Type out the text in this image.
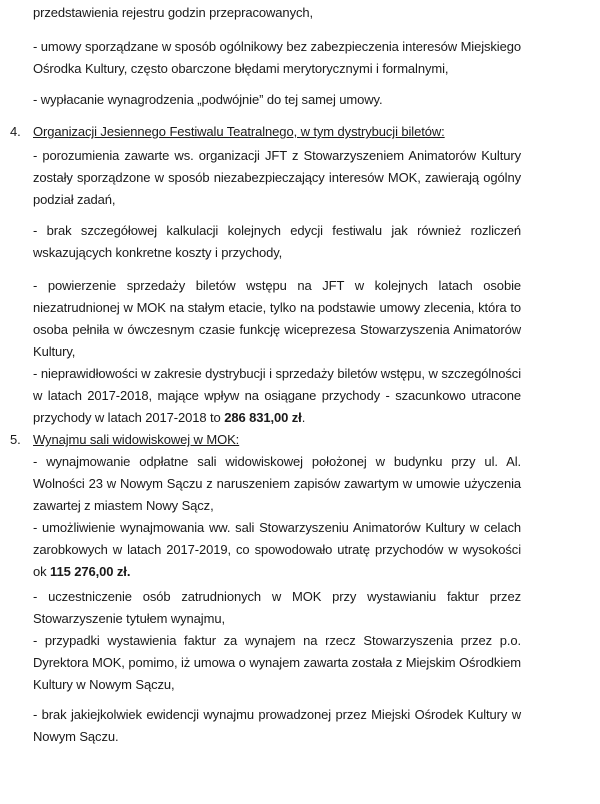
przedstawienia rejestru godzin przepracowanych,

- umowy sporządzane w sposób ogólnikowy bez zabezpieczenia interesów Miejskiego Ośrodka Kultury, często obarczone błędami merytorycznymi i formalnymi,

- wypłacanie wynagrodzenia „podwójnie” do tej samej umowy.

4. Organizacji Jesiennego Festiwalu Teatralnego, w tym dystrybucji biletów:

- porozumienia zawarte ws. organizacji JFT z Stowarzyszeniem Animatorów Kultury zostały sporządzone w sposób niezabezpieczający interesów MOK, zawierają ogólny podział zadań,

- brak szczegółowej kalkulacji kolejnych edycji festiwalu jak również rozliczeń wskazujących konkretne koszty i przychody,

- powierzenie sprzedaży biletów wstępu na JFT w kolejnych latach osobie niezatrudnionej w MOK na stałym etacie, tylko na podstawie umowy zlecenia, która to osoba pełniła w ówczesnym czasie funkcję wiceprezesa Stowarzyszenia Animatorów Kultury,

- nieprawidłowości w zakresie dystrybucji i sprzedaży biletów wstępu, w szczególności w latach 2017-2018, mające wpływ na osiągane przychody - szacunkowo utracone przychody w latach 2017-2018 to 286 831,00 zł.

5. Wynajmu sali widowiskowej w MOK:

- wynajmowanie odpłatne sali widowiskowej położonej w budynku przy ul. Al. Wolności 23 w Nowym Sączu z naruszeniem zapisów zawartym w umowie użyczenia zawartej z miastem Nowy Sącz,

- umożliwienie wynajmowania ww. sali Stowarzyszeniu Animatorów Kultury w celach zarobkowych w latach 2017-2019, co spowodowało utratę przychodów w wysokości ok 115 276,00 zł.

- uczestniczenie osób zatrudnionych w MOK przy wystawianiu faktur przez Stowarzyszenie tytułem wynajmu,

- przypadki wystawienia faktur za wynajem na rzecz Stowarzyszenia przez p.o. Dyrektora MOK, pomimo, iż umowa o wynajem zawarta została z Miejskim Ośrodkiem Kultury w Nowym Sączu,

- brak jakiejkolwiek ewidencji wynajmu prowadzonej przez Miejski Ośrodek Kultury w Nowym Sączu.
